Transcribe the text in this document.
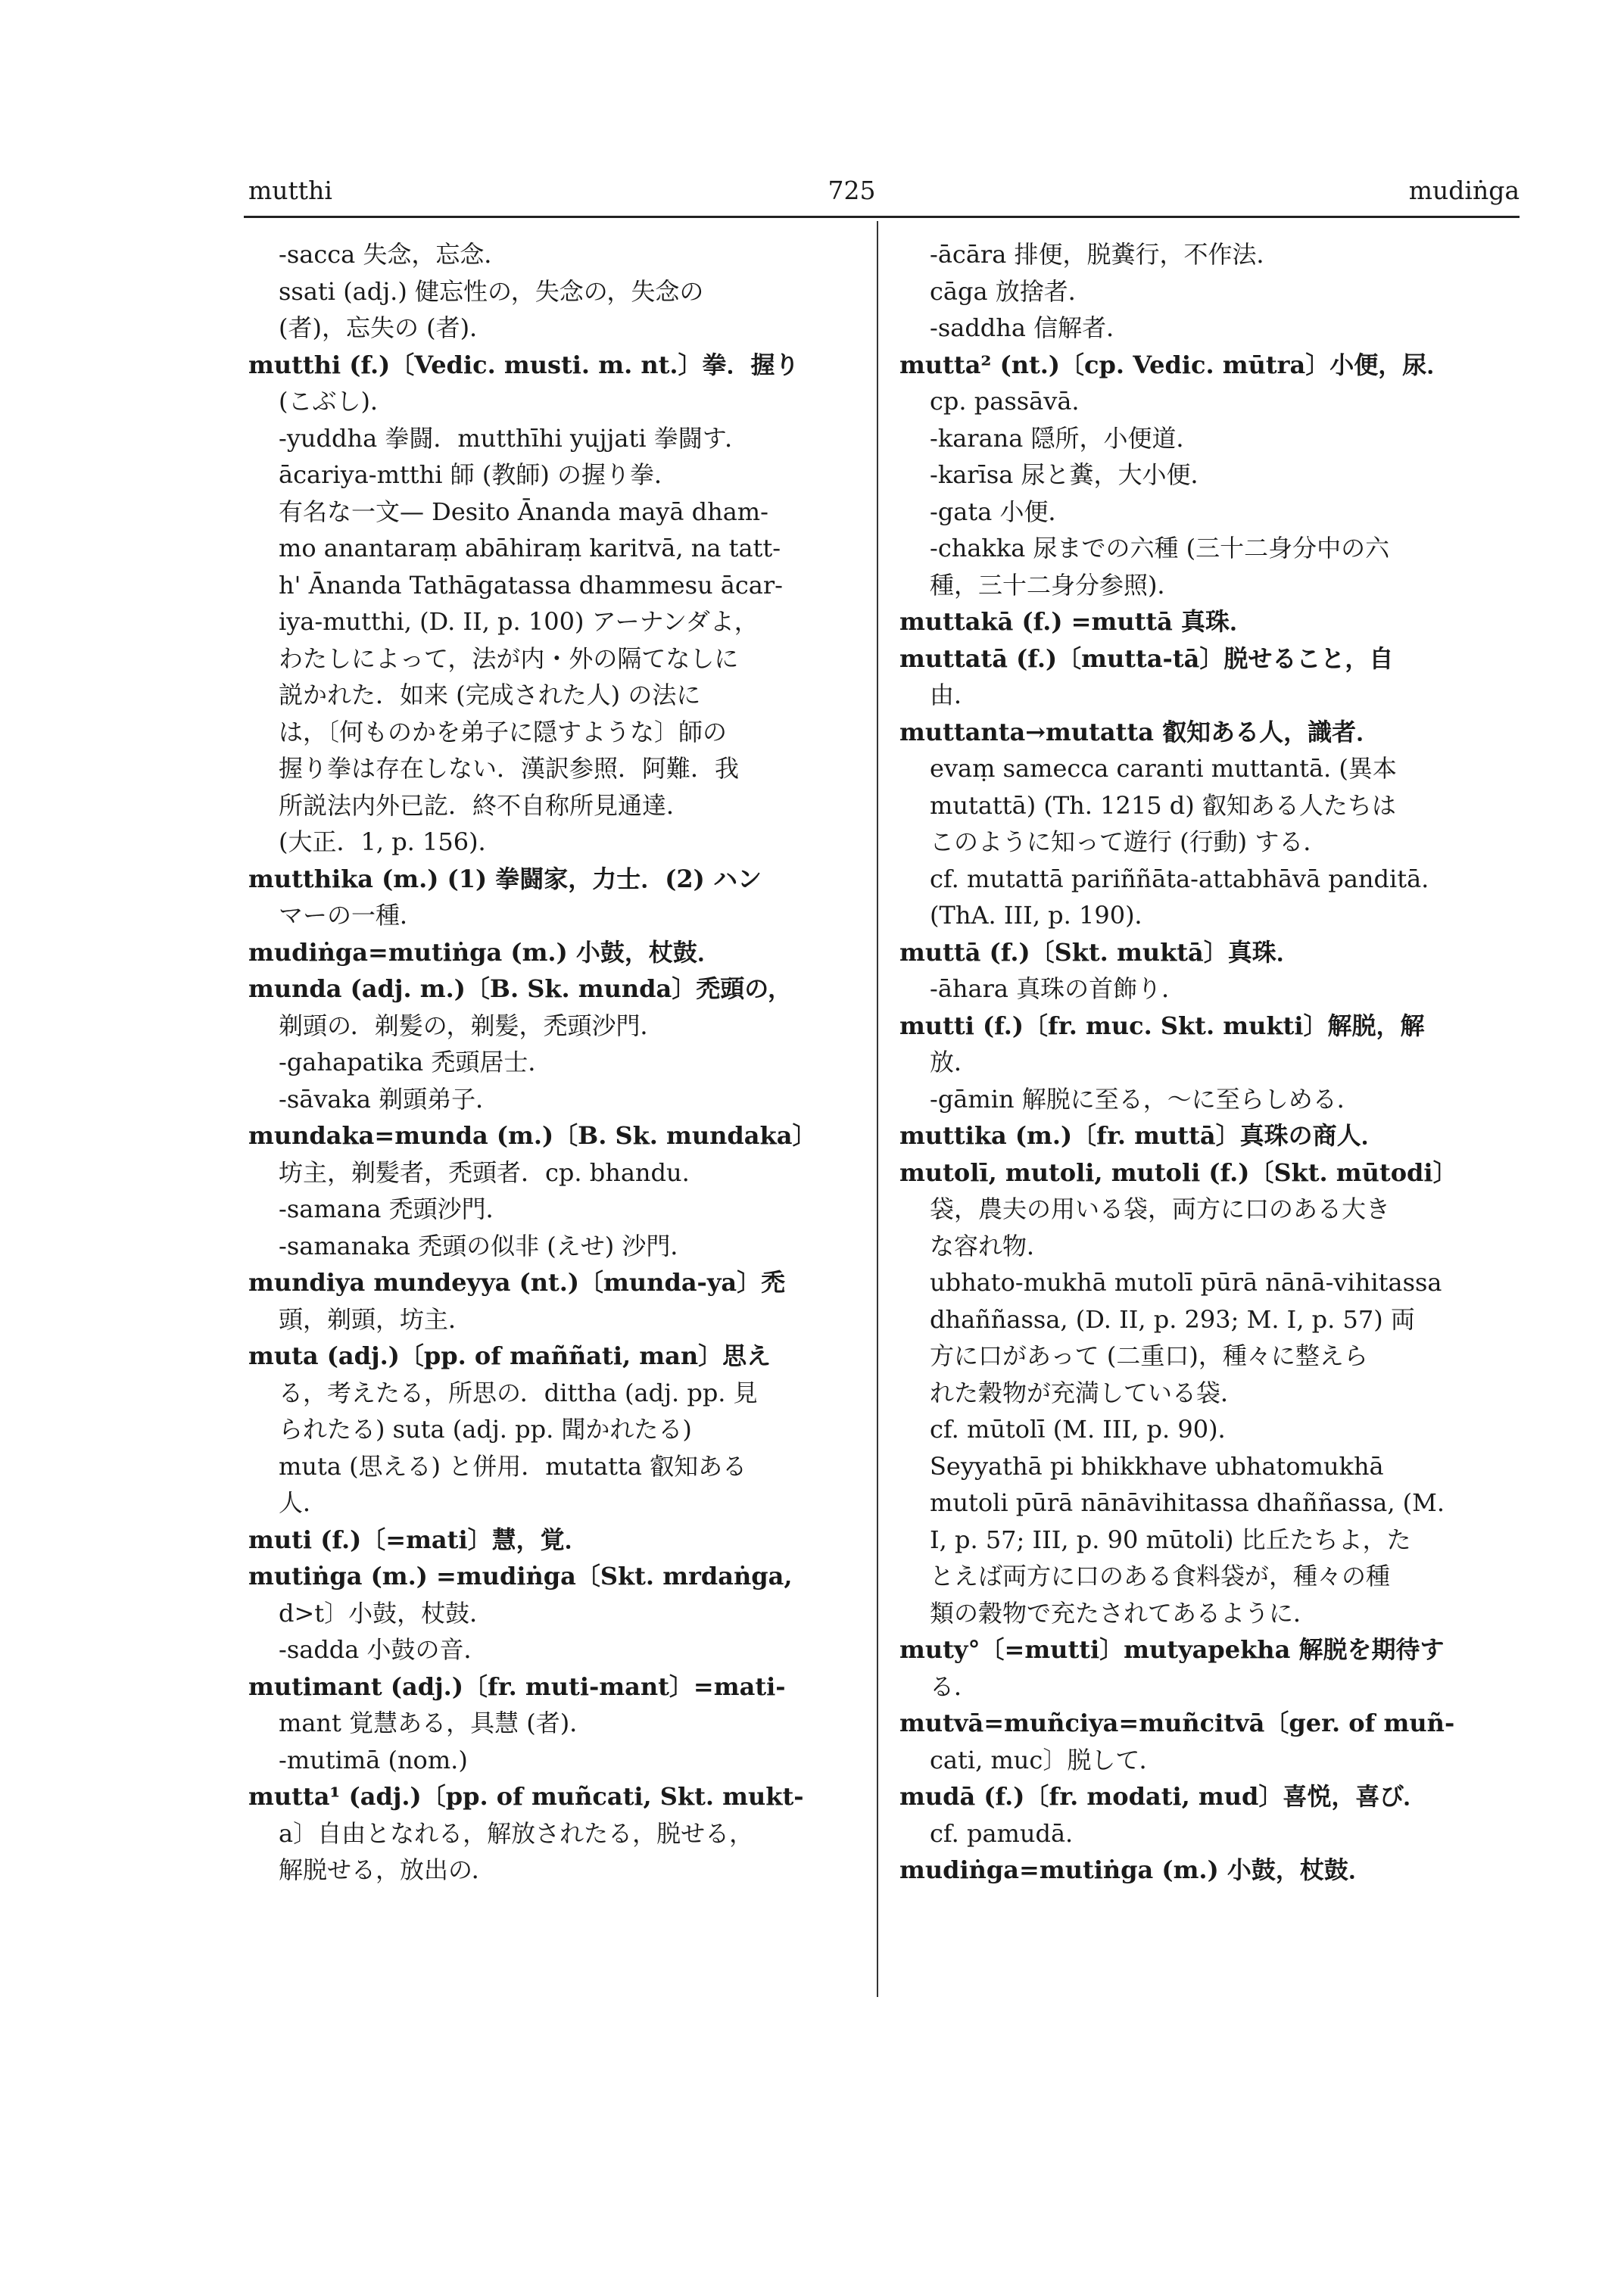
mutthi	725	mudiṅga
-sacca 失念，忘念．
ssati (adj.) 健忘性の，失念の，失念の
(者)，忘失の (者)．
mutthi (f.)〔Vedic. musti. m. nt.〕拳．握り
(こぶし)．
-yuddha 拳闘．mutthīhi yujjati 拳闘す．
ācariya-mtthi 師 (教師) の握り拳．
有名な一文— Desito Ānanda mayā dham-
mo anantaraṃ abāhiraṃ karitvā, na tatt-
h' Ānanda Tathāgatassa dhammesu ācar-
iya-mutthi, (D. II, p. 100) アーナンダよ，
わたしによって，法が内・外の隔てなしに
説かれた．如来 (完成された人) の法に
は，〔何ものかを弟子に隠すような〕師の
握り拳は存在しない．漢訳参照．阿難．我
所説法内外已訖．終不自称所見通達．
(大正．1, p. 156)．
mutthika (m.) (1) 拳闘家，力士．(2) ハン
マーの一種．
mudiṅga=mutiṅga (m.) 小鼓，杖鼓．
munda (adj. m.)〔B. Sk. munda〕禿頭の，
剃頭の．剃髪の，剃髪，禿頭沙門．
-gahapatika 禿頭居士．
-sāvaka 剃頭弟子．
mundaka=munda (m.)〔B. Sk. mundaka〕
坊主，剃髪者，禿頭者．cp. bhandu.
-samana 禿頭沙門．
-samanaka 禿頭の似非 (えせ) 沙門．
mundiya mundeyya (nt.)〔munda-ya〕禿
頭，剃頭，坊主．
muta (adj.)〔pp. of maññati, man〕思え
る，考えたる，所思の．dittha (adj. pp. 見
られたる) suta (adj. pp. 聞かれたる)
muta (思える) と併用．mutatta 叡知ある
人．
muti (f.)〔=mati〕慧，覚．
mutiṅga (m.) =mudiṅga〔Skt. mrdaṅga,
d>t〕小鼓，杖鼓．
-sadda 小鼓の音．
mutimant (adj.)〔fr. muti-mant〕=mati-
mant 覚慧ある，具慧 (者)．
-mutimā (nom.)
mutta¹ (adj.)〔pp. of muñcati, Skt. mukt-
a〕自由となれる，解放されたる，脱せる，
解脱せる，放出の．
-ācāra 排便，脱糞行，不作法．
cāga 放捨者．
-saddha 信解者．
mutta² (nt.)〔cp. Vedic. mūtra〕小便，尿．
cp. passāvā.
-karana 隠所，小便道．
-karīsa 尿と糞，大小便．
-gata 小便．
-chakka 尿までの六種 (三十二身分中の六
種，三十二身分参照)．
muttakā (f.) =muttā 真珠．
muttatā (f.)〔mutta-tā〕脱せること，自
由．
muttanta→mutatta 叡知ある人，識者．
evaṃ samecca caranti muttantā. (異本
mutattā) (Th. 1215 d) 叡知ある人たちは
このように知って遊行 (行動) する．
cf. mutattā pariññāta-attabhāvā panditā.
(ThA. III, p. 190)．
muttā (f.)〔Skt. muktā〕真珠．
-āhara 真珠の首飾り．
mutti (f.)〔fr. muc. Skt. mukti〕解脱，解
放．
-gāmin 解脱に至る，～に至らしめる．
muttika (m.)〔fr. muttā〕真珠の商人．
mutolī, mutoli, mutoli (f.)〔Skt. mūtodi〕
袋，農夫の用いる袋，両方に口のある大き
な容れ物．
ubhato-mukhā mutolī pūrā nānā-vihitassa
dhaññassa, (D. II, p. 293; M. I, p. 57) 両
方に口があって (二重口)，種々に整えら
れた穀物が充満している袋．
cf. mūtolī (M. III, p. 90)．
Seyyathā pi bhikkhave ubhatomukhā
mutoli pūrā nānāvihitassa dhaññassa, (M.
I, p. 57; III, p. 90 mūtoli) 比丘たちよ，た
とえば両方に口のある食料袋が，種々の種
類の穀物で充たされてあるように．
muty°〔=mutti〕mutyapekha 解脱を期待す
る．
mutvā=muñciya=muñcitvā〔ger. of muñ-
cati, muc〕脱して．
mudā (f.)〔fr. modati, mud〕喜悦，喜び．
cf. pamudā.
mudiṅga=mutiṅga (m.) 小鼓，杖鼓．
